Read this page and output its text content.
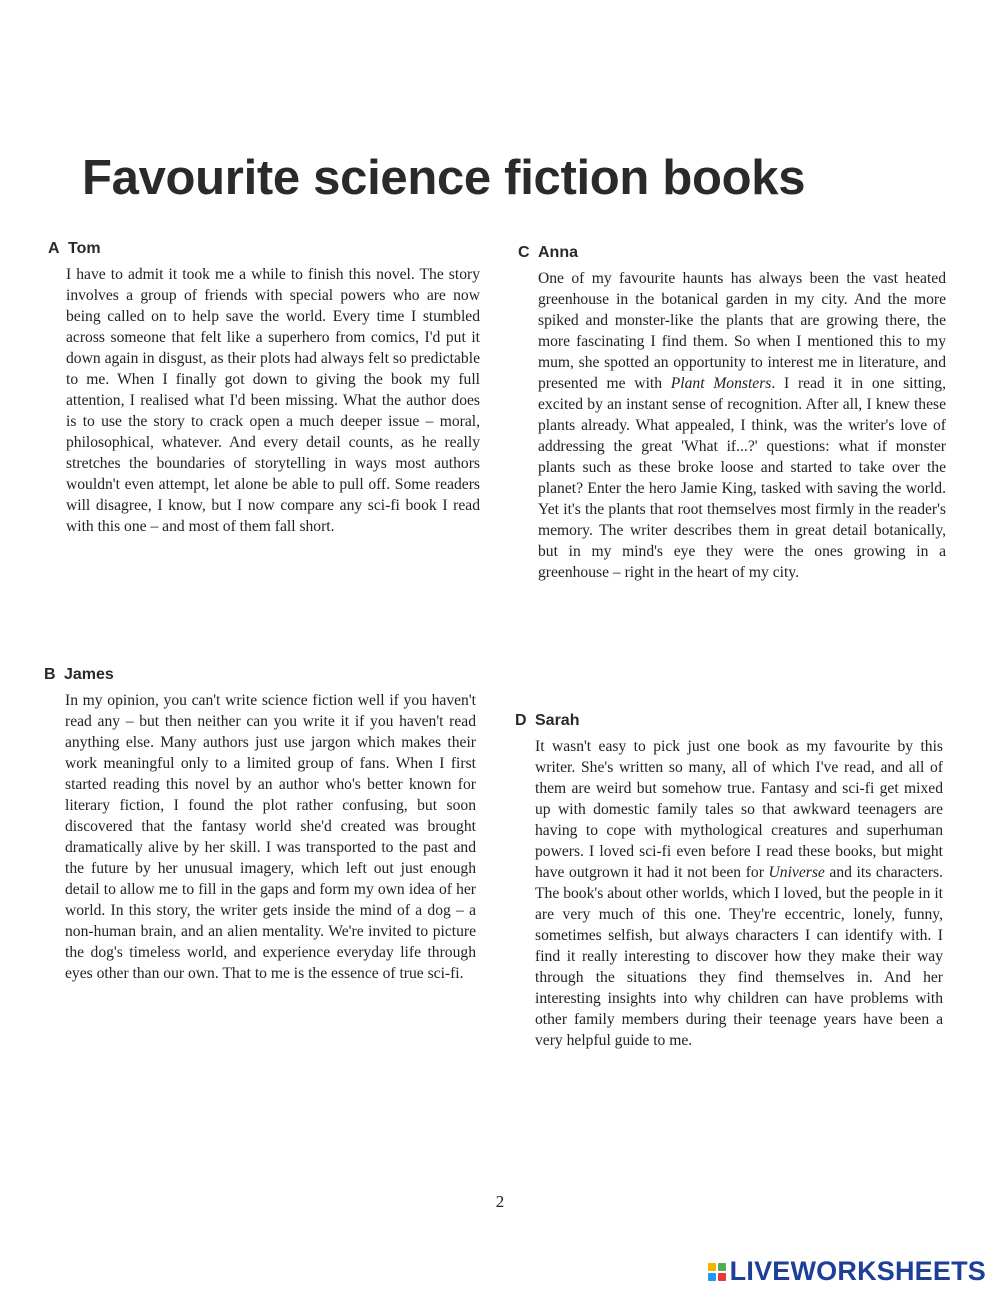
Favourite science fiction books
A Tom

I have to admit it took me a while to finish this novel. The story involves a group of friends with special powers who are now being called on to help save the world. Every time I stumbled across someone that felt like a superhero from comics, I'd put it down again in disgust, as their plots had always felt so predictable to me. When I finally got down to giving the book my full attention, I realised what I'd been missing. What the author does is to use the story to crack open a much deeper issue – moral, philosophical, whatever. And every detail counts, as he really stretches the boundaries of storytelling in ways most authors wouldn't even attempt, let alone be able to pull off. Some readers will disagree, I know, but I now compare any sci-fi book I read with this one – and most of them fall short.

B James

In my opinion, you can't write science fiction well if you haven't read any – but then neither can you write it if you haven't read anything else. Many authors just use jargon which makes their work meaningful only to a limited group of fans. When I first started reading this novel by an author who's better known for literary fiction, I found the plot rather confusing, but soon discovered that the fantasy world she'd created was brought dramatically alive by her skill. I was transported to the past and the future by her unusual imagery, which left out just enough detail to allow me to fill in the gaps and form my own idea of her world. In this story, the writer gets inside the mind of a dog – a non-human brain, and an alien mentality. We're invited to picture the dog's timeless world, and experience everyday life through eyes other than our own. That to me is the essence of true sci-fi.

C Anna

One of my favourite haunts has always been the vast heated greenhouse in the botanical garden in my city. And the more spiked and monster-like the plants that are growing there, the more fascinating I find them. So when I mentioned this to my mum, she spotted an opportunity to interest me in literature, and presented me with Plant Monsters. I read it in one sitting, excited by an instant sense of recognition. After all, I knew these plants already. What appealed, I think, was the writer's love of addressing the great 'What if...?' questions: what if monster plants such as these broke loose and started to take over the planet? Enter the hero Jamie King, tasked with saving the world. Yet it's the plants that root themselves most firmly in the reader's memory. The writer describes them in great detail botanically, but in my mind's eye they were the ones growing in a greenhouse – right in the heart of my city.

D Sarah

It wasn't easy to pick just one book as my favourite by this writer. She's written so many, all of which I've read, and all of them are weird but somehow true. Fantasy and sci-fi get mixed up with domestic family tales so that awkward teenagers are having to cope with mythological creatures and superhuman powers. I loved sci-fi even before I read these books, but might have outgrown it had it not been for Universe and its characters. The book's about other worlds, which I loved, but the people in it are very much of this one. They're eccentric, lonely, funny, sometimes selfish, but always characters I can identify with. I find it really interesting to discover how they make their way through the situations they find themselves in. And her interesting insights into why children can have problems with other family members during their teenage years have been a very helpful guide to me.

2
LIVEWORKSHEETS
